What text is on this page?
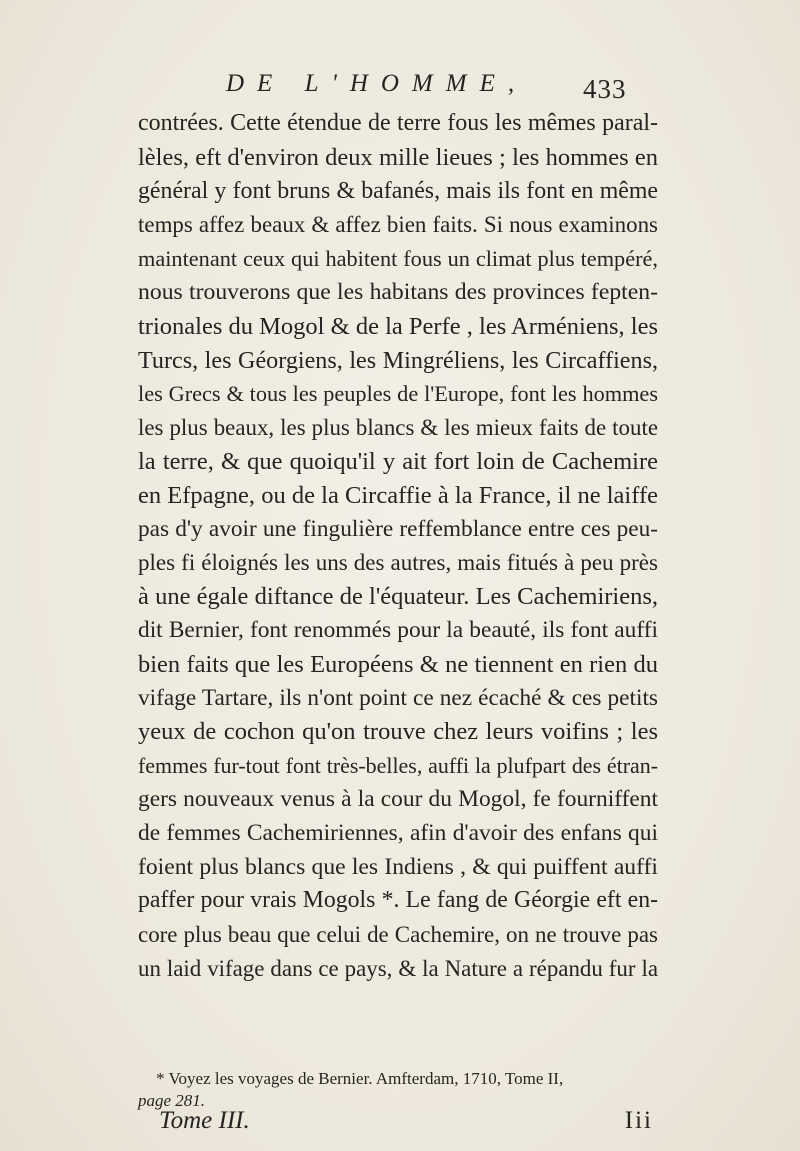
DE L'HOMME,	433
contrées. Cette étendue de terre fous les mêmes paral-
lèles, eft d'environ deux mille lieues ; les hommes en
général y font bruns & bafanés, mais ils font en même
temps affez beaux & affez bien faits. Si nous examinons
maintenant ceux qui habitent fous un climat plus tempéré,
nous trouverons que les habitans des provinces fepten-
trionales du Mogol & de la Perfe , les Arméniens, les
Turcs, les Géorgiens, les Mingréliens, les Circaffiens,
les Grecs & tous les peuples de l'Europe, font les hommes
les plus beaux, les plus blancs & les mieux faits de toute
la terre, & que quoiqu'il y ait fort loin de Cachemire
en Efpagne, ou de la Circaffie à la France, il ne laiffe
pas d'y avoir une fingulière reffemblance entre ces peu-
ples fi éloignés les uns des autres, mais fitués à peu près
à une égale diftance de l'équateur. Les Cachemiriens,
dit Bernier, font renommés pour la beauté, ils font auffi
bien faits que les Européens & ne tiennent en rien du
vifage Tartare, ils n'ont point ce nez écaché & ces petits
yeux de cochon qu'on trouve chez leurs voifins ; les
femmes fur-tout font très-belles, auffi la plufpart des étran-
gers nouveaux venus à la cour du Mogol, fe fourniffent
de femmes Cachemiriennes, afin d'avoir des enfans qui
foient plus blancs que les Indiens , & qui puiffent auffi
paffer pour vrais Mogols *. Le fang de Géorgie eft en-
core plus beau que celui de Cachemire, on ne trouve pas
un laid vifage dans ce pays, & la Nature a répandu fur la
* Voyez les voyages de Bernier. Amfterdam, 1710, Tome II,
page 281.
Tome III.	Iii
